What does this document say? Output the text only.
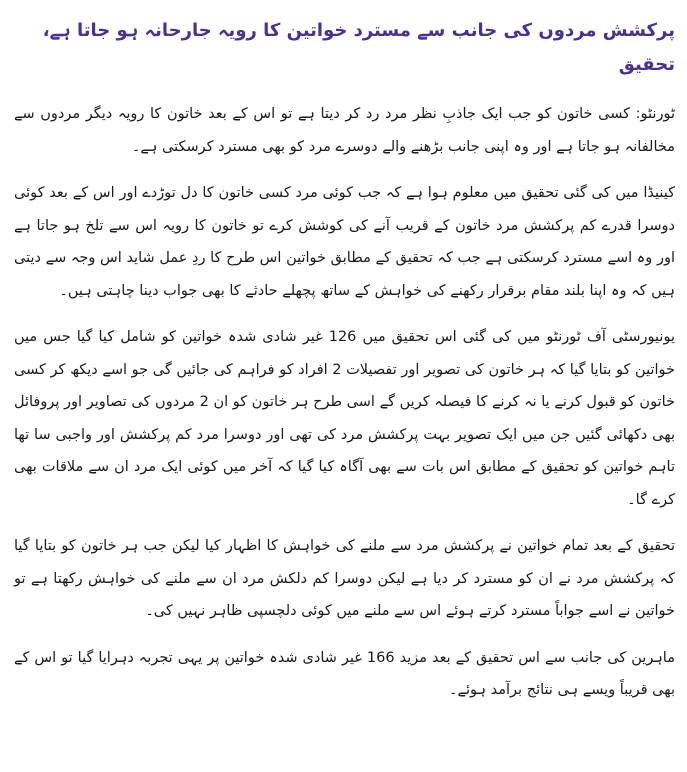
پرکشش مردوں کی جانب سے مسترد خواتین کا رویہ جارحانہ ہو جاتا ہے، تحقیق

ٹورنٹو: کسی خاتون کو جب ایک جاذبِ نظر مرد رد کر دیتا ہے تو اس کے بعد خاتون کا رویہ دیگر مردوں سے مخالفانہ ہو جاتا ہے اور وہ اپنی جانب بڑھنے والے دوسرے مرد کو بھی مسترد کرسکتی ہے۔

کینیڈا میں کی گئی تحقیق میں معلوم ہوا ہے کہ جب کوئی مرد کسی خاتون کا دل توڑدے اور اس کے بعد کوئی دوسرا قدرے کم پرکشش مرد خاتون کے قریب آنے کی کوشش کرے تو خاتون کا رویہ اس سے تلخ ہو جاتا ہے اور وہ اسے مسترد کرسکتی ہے جب کہ تحقیق کے مطابق خواتین اس طرح کا ردِ عمل شاید اس وجہ سے دیتی ہیں کہ وہ اپنا بلند مقام برقرار رکھنے کی خواہش کے ساتھ پچھلے حادثے کا بھی جواب دینا چاہتی ہیں۔

یونیورسٹی آف ٹورنٹو میں کی گئی اس تحقیق میں 126 غیر شادی شدہ خواتین کو شامل کیا گیا جس میں خواتین کو بتایا گیا کہ ہر خاتون کی تصویر اور تفصیلات 2 افراد کو فراہم کی جائیں گی جو اسے دیکھ کر کسی خاتون کو قبول کرنے یا نہ کرنے کا فیصلہ کریں گے اسی طرح ہر خاتون کو ان 2 مردوں کی تصاویر اور پروفائل بھی دکھائی گئیں جن میں ایک تصویر بہت پرکشش مرد کی تھی اور دوسرا مرد کم پرکشش اور واجبی سا تھا تاہم خواتین کو تحقیق کے مطابق اس بات سے بھی آگاہ کیا گیا کہ آخر میں کوئی ایک مرد ان سے ملاقات بھی کرے گا۔

تحقیق کے بعد تمام خواتین نے پرکشش مرد سے ملنے کی خواہش کا اظہار کیا لیکن جب ہر خاتون کو بتایا گیا کہ پرکشش مرد نے ان کو مسترد کر دیا ہے لیکن دوسرا کم دلکش مرد ان سے ملنے کی خواہش رکھتا ہے تو خواتین نے اسے جواباً مسترد کرتے ہوئے اس سے ملنے میں کوئی دلچسپی ظاہر نہیں کی۔

ماہرین کی جانب سے اس تحقیق کے بعد مزید 166 غیر شادی شدہ خواتین پر یہی تجربہ دہرایا گیا تو اس کے بھی قریباً ویسے ہی نتائج برآمد ہوئے۔
